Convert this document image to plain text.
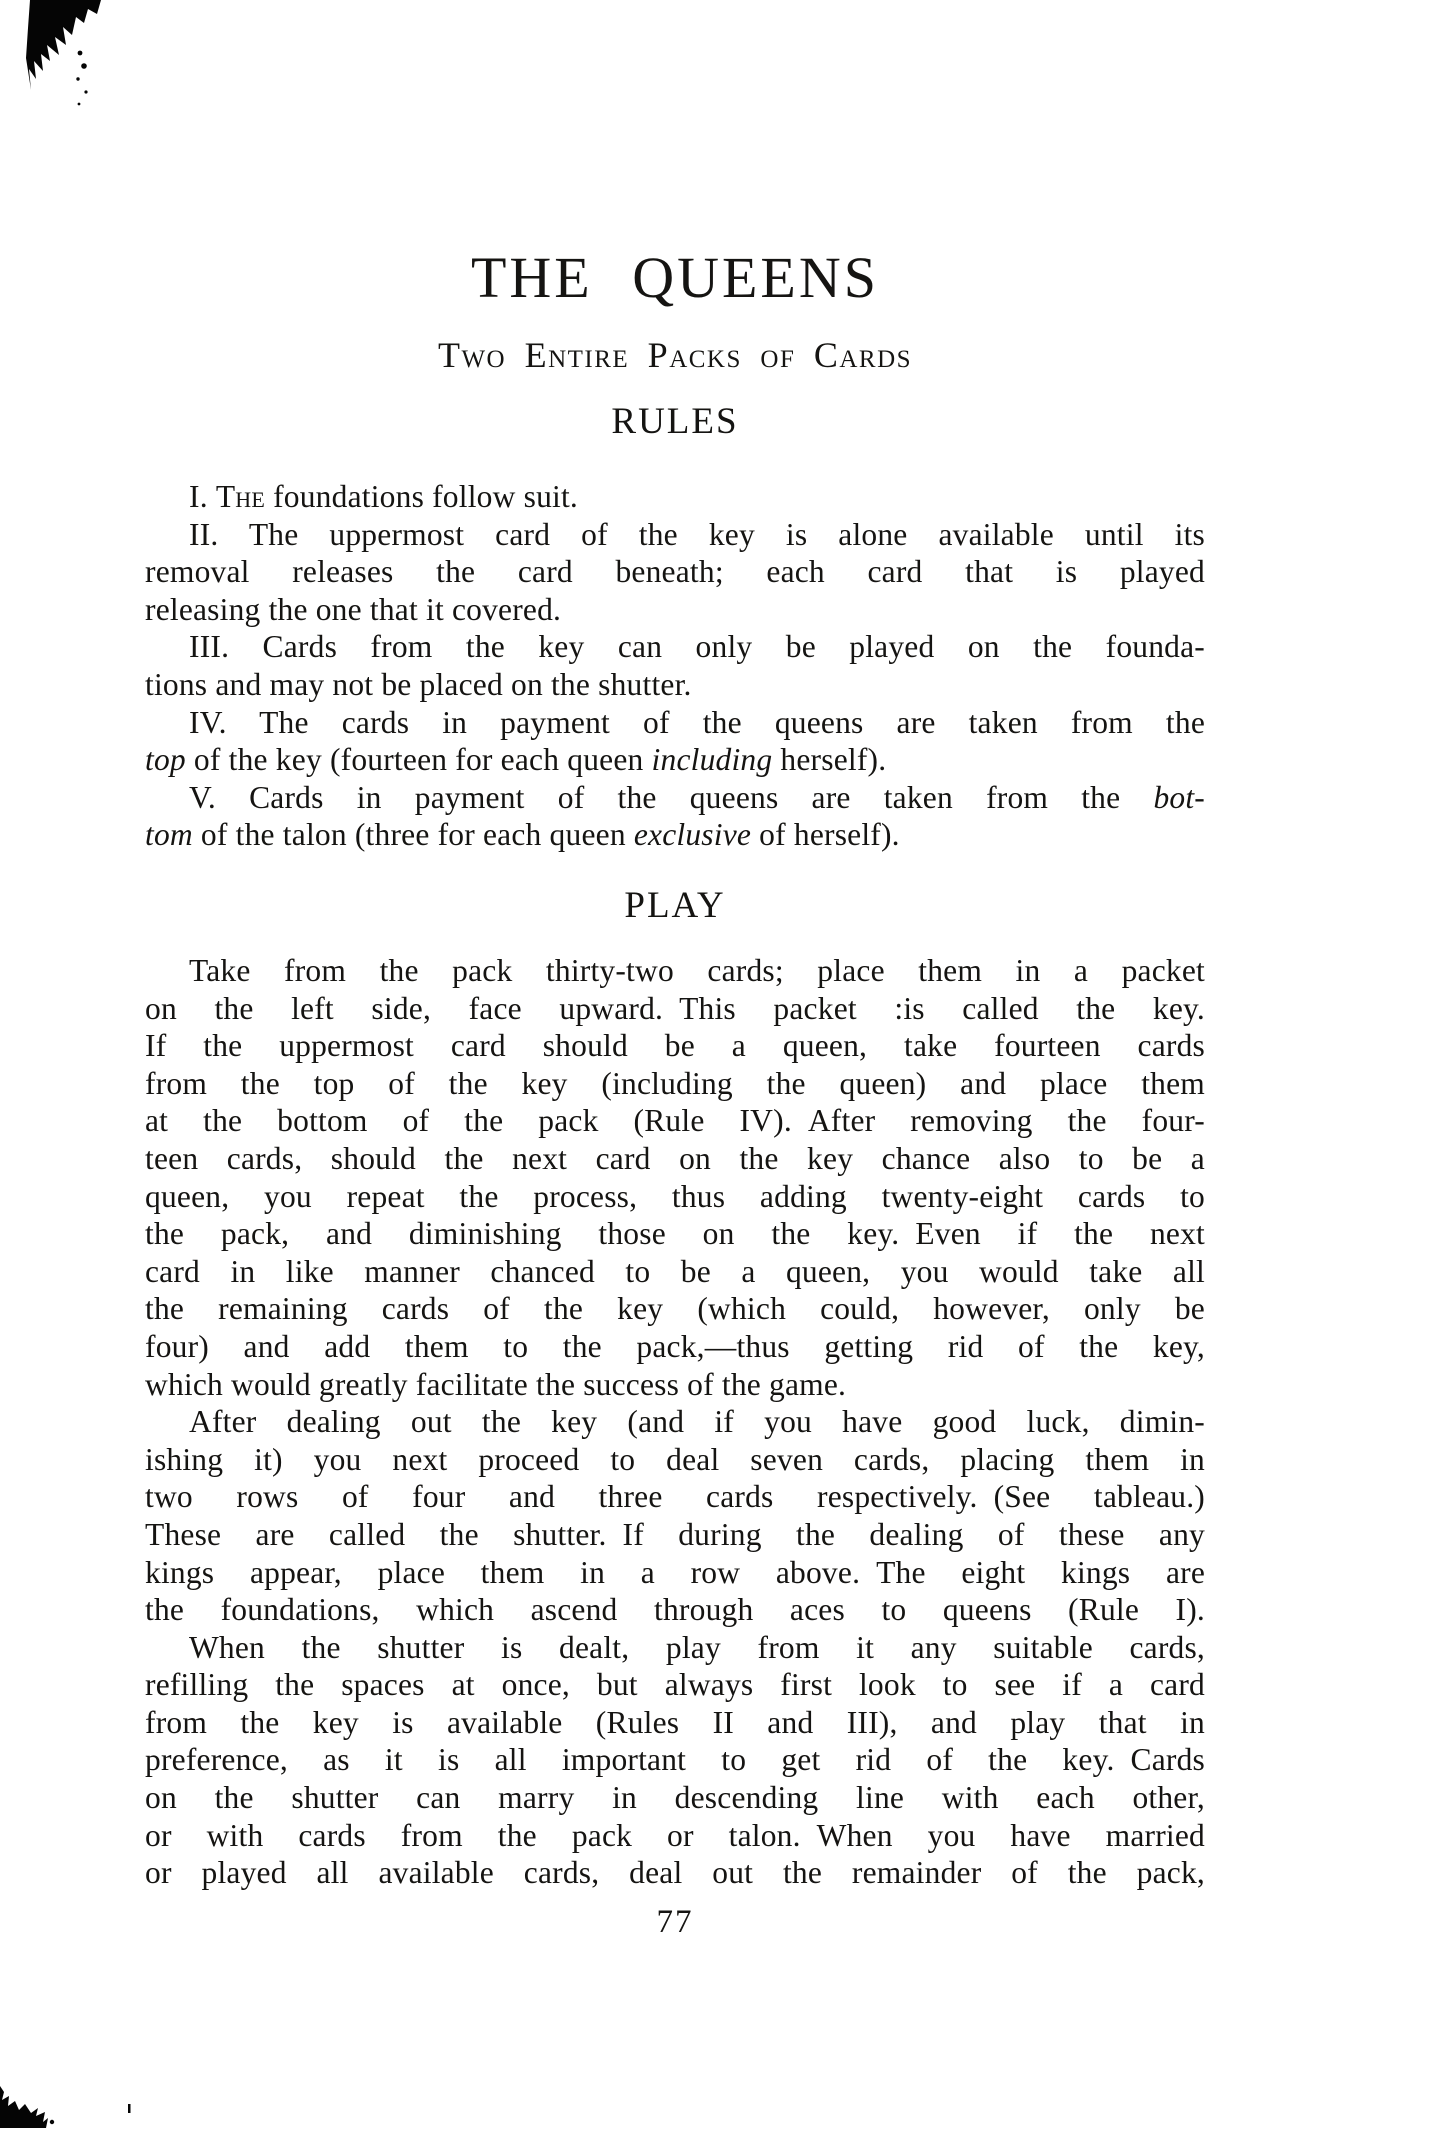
THE QUEENS
Two Entire Packs of Cards
RULES
I. The foundations follow suit.
II. The uppermost card of the key is alone available until its
removal releases the card beneath; each card that is played
releasing the one that it covered.
III. Cards from the key can only be played on the founda-
tions and may not be placed on the shutter.
IV. The cards in payment of the queens are taken from the
top of the key (fourteen for each queen including herself).
V. Cards in payment of the queens are taken from the bot-
tom of the talon (three for each queen exclusive of herself).
PLAY
Take from the pack thirty-two cards; place them in a packet
on the left side, face upward. This packet :is called the key.
If the uppermost card should be a queen, take fourteen cards
from the top of the key (including the queen) and place them
at the bottom of the pack (Rule IV). After removing the four-
teen cards, should the next card on the key chance also to be a
queen, you repeat the process, thus adding twenty-eight cards to
the pack, and diminishing those on the key. Even if the next
card in like manner chanced to be a queen, you would take all
the remaining cards of the key (which could, however, only be
four) and add them to the pack,—thus getting rid of the key,
which would greatly facilitate the success of the game.
After dealing out the key (and if you have good luck, dimin-
ishing it) you next proceed to deal seven cards, placing them in
two rows of four and three cards respectively. (See tableau.)
These are called the shutter. If during the dealing of these any
kings appear, place them in a row above. The eight kings are
the foundations, which ascend through aces to queens (Rule I).
When the shutter is dealt, play from it any suitable cards,
refilling the spaces at once, but always first look to see if a card
from the key is available (Rules II and III), and play that in
preference, as it is all important to get rid of the key. Cards
on the shutter can marry in descending line with each other,
or with cards from the pack or talon. When you have married
or played all available cards, deal out the remainder of the pack,
77
